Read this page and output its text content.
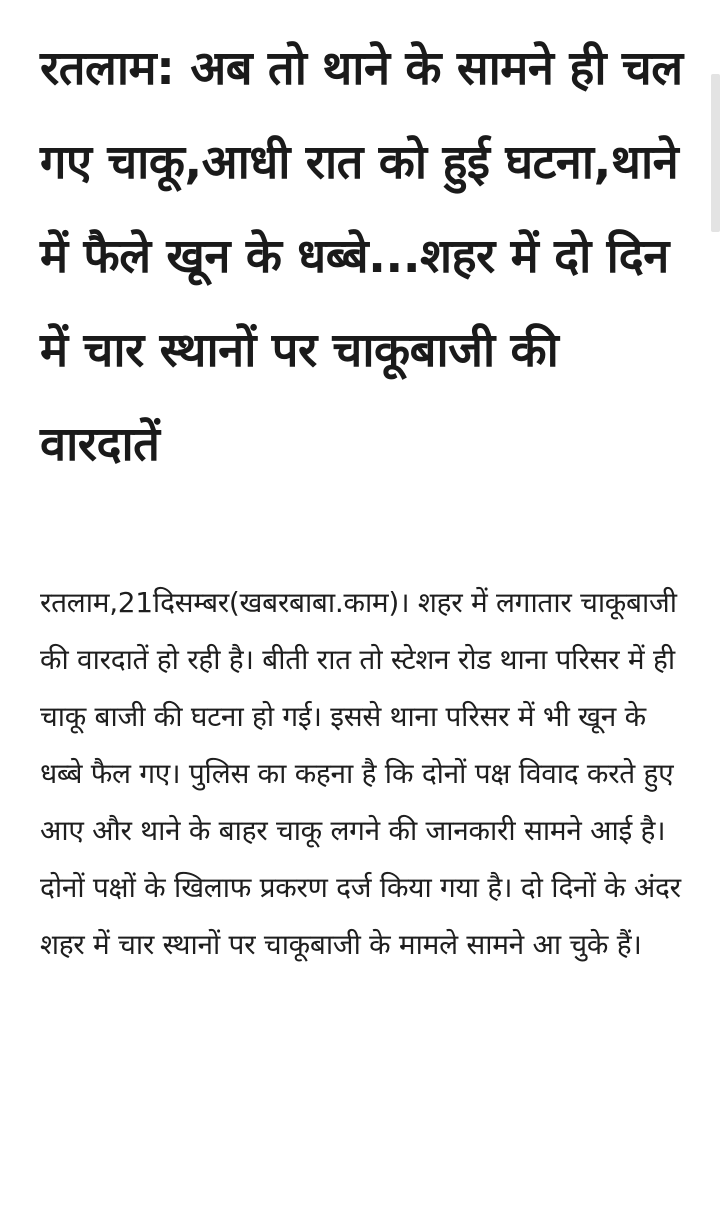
रतलाम: अब तो थाने के सामने ही चल गए चाकू,आधी रात को हुई घटना,थाने में फैले खून के धब्बे...शहर में दो दिन में चार स्थानों पर चाकूबाजी की वारदातें

रतलाम,21दिसम्बर(खबरबाबा.काम)। शहर में लगातार चाकूबाजी की वारदातें हो रही है। बीती रात तो स्टेशन रोड थाना परिसर में ही चाकू बाजी की घटना हो गई। इससे थाना परिसर में भी खून के धब्बे फैल गए। पुलिस का कहना है कि दोनों पक्ष विवाद करते हुए आए और थाने के बाहर चाकू लगने की जानकारी सामने आई है। दोनों पक्षों के खिलाफ प्रकरण दर्ज किया गया है। दो दिनों के अंदर शहर में चार स्थानों पर चाकूबाजी के मामले सामने आ चुके हैं।
